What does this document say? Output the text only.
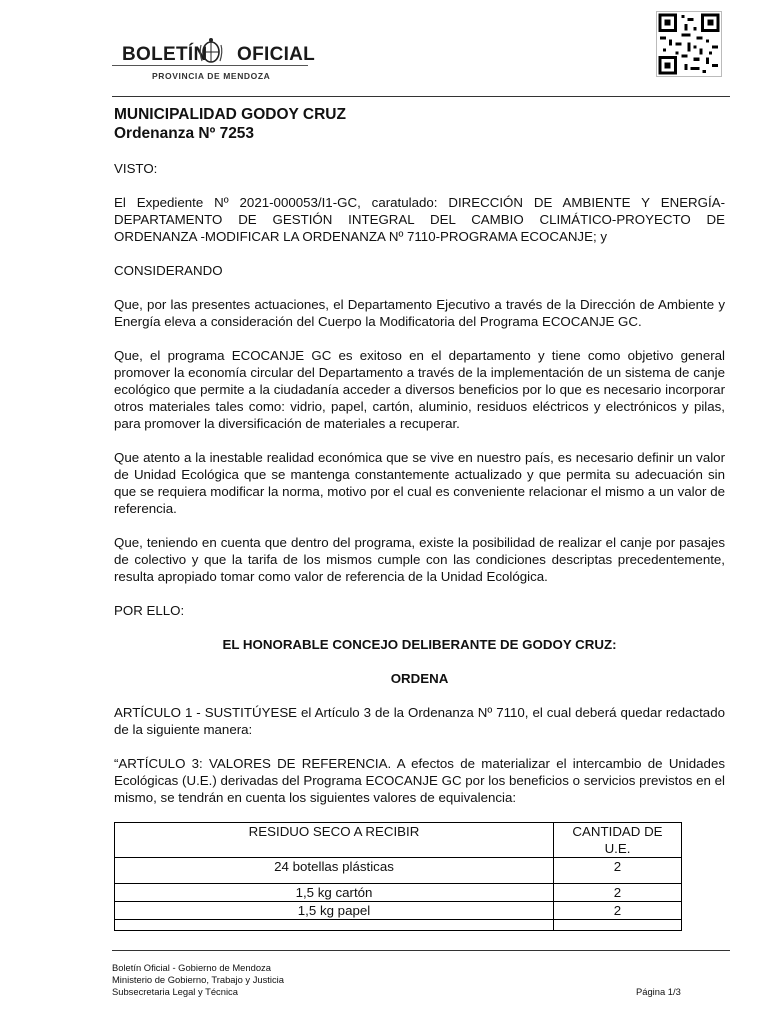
BOLETÍN OFICIAL
PROVINCIA DE MENDOZA
MUNICIPALIDAD GODOY CRUZ
Ordenanza Nº 7253

VISTO:

El Expediente Nº 2021-000053/I1-GC, caratulado: DIRECCIÓN DE AMBIENTE Y ENERGÍA-DEPARTAMENTO DE GESTIÓN INTEGRAL DEL CAMBIO CLIMÁTICO-PROYECTO DE ORDENANZA -MODIFICAR LA ORDENANZA Nº 7110-PROGRAMA ECOCANJE; y

CONSIDERANDO

Que, por las presentes actuaciones, el Departamento Ejecutivo a través de la Dirección de Ambiente y Energía eleva a consideración del Cuerpo la Modificatoria del Programa ECOCANJE GC.

Que, el programa ECOCANJE GC es exitoso en el departamento y tiene como objetivo general promover la economía circular del Departamento a través de la implementación de un sistema de canje ecológico que permite a la ciudadanía acceder a diversos beneficios por lo que es necesario incorporar otros materiales tales como: vidrio, papel, cartón, aluminio, residuos eléctricos y electrónicos y pilas, para promover la diversificación de materiales a recuperar.

Que atento a la inestable realidad económica que se vive en nuestro país, es necesario definir un valor de Unidad Ecológica que se mantenga constantemente actualizado y que permita su adecuación sin que se requiera modificar la norma, motivo por el cual es conveniente relacionar el mismo a un valor de referencia.

Que, teniendo en cuenta que dentro del programa, existe la posibilidad de realizar el canje por pasajes de colectivo y que la tarifa de los mismos cumple con las condiciones descriptas precedentemente, resulta apropiado tomar como valor de referencia de la Unidad Ecológica.

POR ELLO:

EL HONORABLE CONCEJO DELIBERANTE DE GODOY CRUZ:

ORDENA

ARTÍCULO 1 - SUSTITÚYESE el Artículo 3 de la Ordenanza Nº 7110, el cual deberá quedar redactado de la siguiente manera:

“ARTÍCULO 3: VALORES DE REFERENCIA. A efectos de materializar el intercambio de Unidades Ecológicas (U.E.) derivadas del Programa ECOCANJE GC por los beneficios o servicios previstos en el mismo, se tendrán en cuenta los siguientes valores de equivalencia:

RESIDUO SECO A RECIBIR	CANTIDAD DE U.E.
24 botellas plásticas	2
1,5 kg cartón	2
1,5 kg papel	2

Boletín Oficial - Gobierno de Mendoza
Ministerio de Gobierno, Trabajo y Justicia
Subsecretaria Legal y Técnica	Página 1/3
